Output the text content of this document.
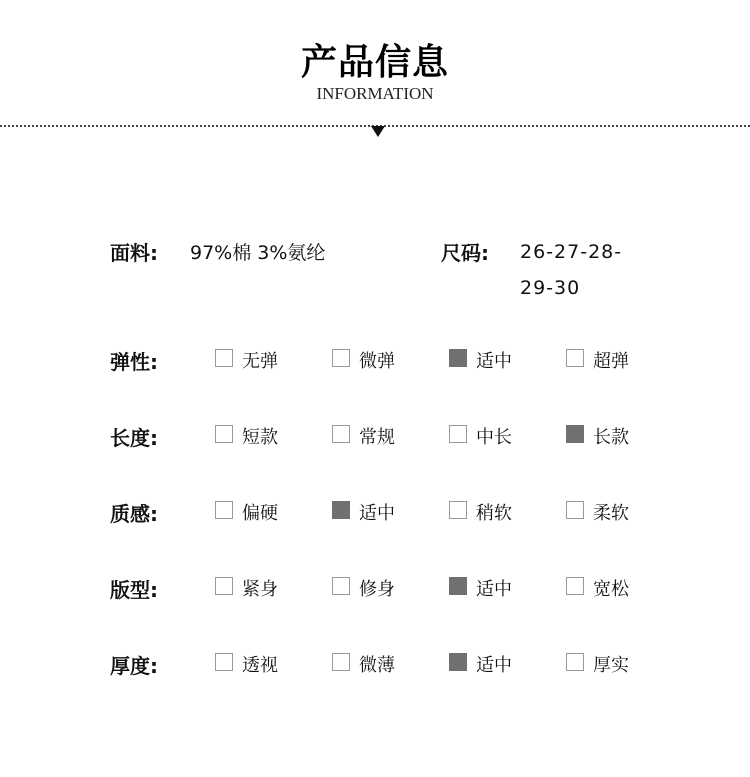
产品信息
INFORMATION
面料: 97%棉 3%氨纶	尺码: 26-27-28-
29-30
弹性:	无弹	微弹	适中	超弹
长度:	短款	常规	中长	长款
质感:	偏硬	适中	稍软	柔软
版型:	紧身	修身	适中	宽松
厚度:	透视	微薄	适中	厚实
